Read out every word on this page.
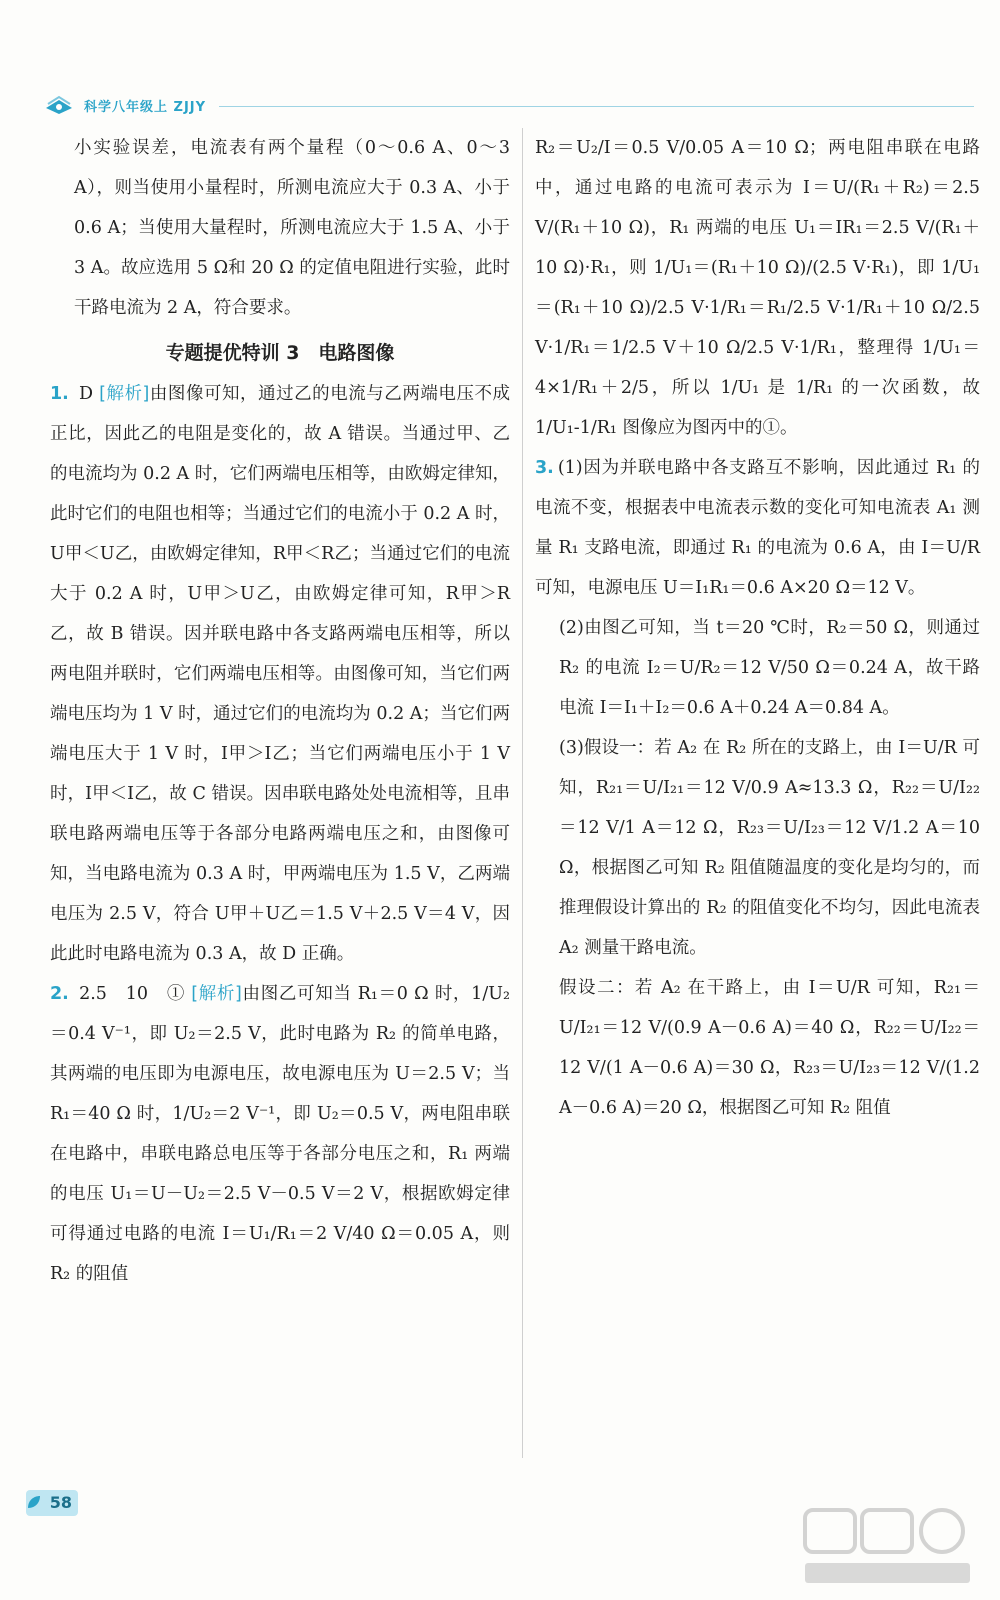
科学八年级上 ZJJY

小实验误差，电流表有两个量程（0～0.6 A、0～3 A），则当使用小量程时，所测电流应大于 0.3 A、小于 0.6 A；当使用大量程时，所测电流应大于 1.5 A、小于 3 A。故应选用 5 Ω和 20 Ω 的定值电阻进行实验，此时干路电流为 2 A，符合要求。

专题提优特训 3　电路图像

1. D [解析]由图像可知，通过乙的电流与乙两端电压不成正比，因此乙的电阻是变化的，故 A 错误。当通过甲、乙的电流均为 0.2 A 时，它们两端电压相等，由欧姆定律知，此时它们的电阻也相等；当通过它们的电流小于 0.2 A 时，U甲＜U乙，由欧姆定律知，R甲＜R乙；当通过它们的电流大于 0.2 A 时，U甲＞U乙，由欧姆定律可知，R甲＞R乙，故 B 错误。因并联电路中各支路两端电压相等，所以两电阻并联时，它们两端电压相等。由图像可知，当它们两端电压均为 1 V 时，通过它们的电流均为 0.2 A；当它们两端电压大于 1 V 时，I甲＞I乙；当它们两端电压小于 1 V 时，I甲＜I乙，故 C 错误。因串联电路处处电流相等，且串联电路两端电压等于各部分电路两端电压之和，由图像可知，当电路电流为 0.3 A 时，甲两端电压为 1.5 V，乙两端电压为 2.5 V，符合 U甲＋U乙＝1.5 V＋2.5 V＝4 V，因此此时电路电流为 0.3 A，故 D 正确。

2. 2.5　10　① [解析]由图乙可知当 R₁＝0 Ω 时，1/U₂＝0.4 V⁻¹，即 U₂＝2.5 V，此时电路为 R₂ 的简单电路，其两端的电压即为电源电压，故电源电压为 U＝2.5 V；当 R₁＝40 Ω 时，1/U₂＝2 V⁻¹，即 U₂＝0.5 V，两电阻串联在电路中，串联电路总电压等于各部分电压之和，R₁ 两端的电压 U₁＝U－U₂＝2.5 V－0.5 V＝2 V，根据欧姆定律可得通过电路的电流 I＝U₁/R₁＝2 V/40 Ω＝0.05 A，则 R₂ 的阻值

R₂＝U₂/I＝0.5 V/0.05 A＝10 Ω；两电阻串联在电路中，通过电路的电流可表示为 I＝U/(R₁＋R₂)＝2.5 V/(R₁＋10 Ω)，R₁ 两端的电压 U₁＝IR₁＝2.5 V/(R₁＋10 Ω)·R₁，则 1/U₁＝(R₁＋10 Ω)/(2.5 V·R₁)，即 1/U₁＝(R₁＋10 Ω)/2.5 V·1/R₁＝R₁/2.5 V·1/R₁＋10 Ω/2.5 V·1/R₁＝1/2.5 V＋10 Ω/2.5 V·1/R₁，整理得 1/U₁＝4×1/R₁＋2/5，所以 1/U₁ 是 1/R₁ 的一次函数，故 1/U₁-1/R₁ 图像应为图丙中的①。

3. (1)因为并联电路中各支路互不影响，因此通过 R₁ 的电流不变，根据表中电流表示数的变化可知电流表 A₁ 测量 R₁ 支路电流，即通过 R₁ 的电流为 0.6 A，由 I＝U/R 可知，电源电压 U＝I₁R₁＝0.6 A×20 Ω＝12 V。

(2)由图乙可知，当 t＝20 ℃时，R₂＝50 Ω，则通过 R₂ 的电流 I₂＝U/R₂＝12 V/50 Ω＝0.24 A，故干路电流 I＝I₁＋I₂＝0.6 A＋0.24 A＝0.84 A。

(3)假设一：若 A₂ 在 R₂ 所在的支路上，由 I＝U/R 可知，R₂₁＝U/I₂₁＝12 V/0.9 A≈13.3 Ω，R₂₂＝U/I₂₂＝12 V/1 A＝12 Ω，R₂₃＝U/I₂₃＝12 V/1.2 A＝10 Ω，根据图乙可知 R₂ 阻值随温度的变化是均匀的，而推理假设计算出的 R₂ 的阻值变化不均匀，因此电流表 A₂ 测量干路电流。

假设二：若 A₂ 在干路上，由 I＝U/R 可知，R₂₁＝U/I₂₁＝12 V/(0.9 A－0.6 A)＝40 Ω，R₂₂＝U/I₂₂＝12 V/(1 A－0.6 A)＝30 Ω，R₂₃＝U/I₂₃＝12 V/(1.2 A－0.6 A)＝20 Ω，根据图乙可知 R₂ 阻值

58
